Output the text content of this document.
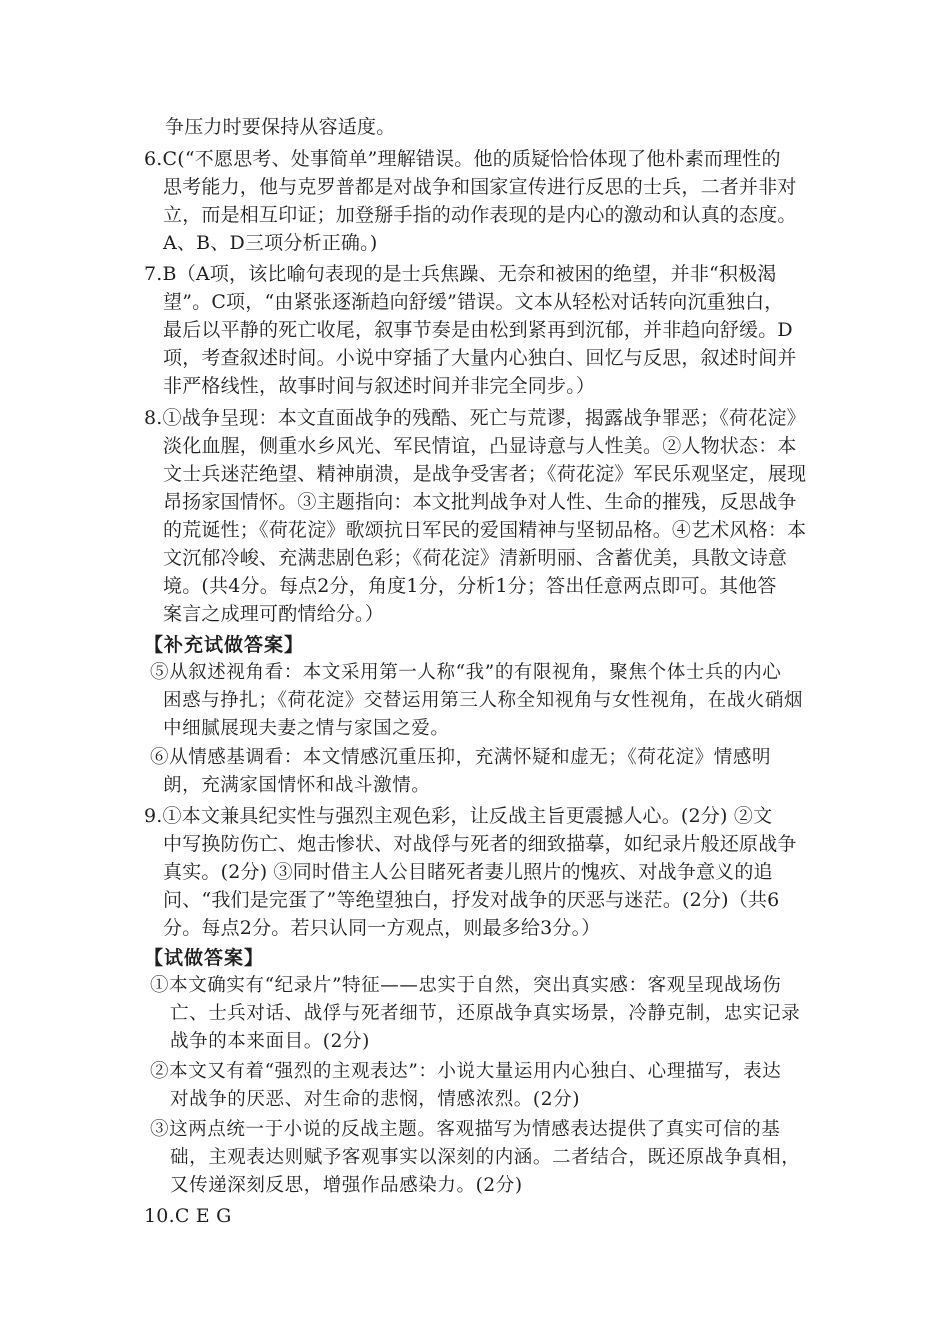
争压力时要保持从容适度。
6.C(“不愿思考、处事简单”理解错误。他的质疑恰恰体现了他朴素而理性的
思考能力，他与克罗普都是对战争和国家宣传进行反思的士兵，二者并非对
立，而是相互印证；加登掰手指的动作表现的是内心的激动和认真的态度。
A、B、D三项分析正确。)
7.B（A项，该比喻句表现的是士兵焦躁、无奈和被困的绝望，并非“积极渴
望”。C项，“由紧张逐渐趋向舒缓”错误。文本从轻松对话转向沉重独白，
最后以平静的死亡收尾，叙事节奏是由松到紧再到沉郁，并非趋向舒缓。D
项，考查叙述时间。小说中穿插了大量内心独白、回忆与反思，叙述时间并
非严格线性，故事时间与叙述时间并非完全同步。）
8.①战争呈现：本文直面战争的残酷、死亡与荒谬，揭露战争罪恶；《荷花淀》
淡化血腥，侧重水乡风光、军民情谊，凸显诗意与人性美。②人物状态：本
文士兵迷茫绝望、精神崩溃，是战争受害者；《荷花淀》军民乐观坚定，展现
昂扬家国情怀。③主题指向：本文批判战争对人性、生命的摧残，反思战争
的荒诞性；《荷花淀》歌颂抗日军民的爱国精神与坚韧品格。④艺术风格：本
文沉郁冷峻、充满悲剧色彩；《荷花淀》清新明丽、含蓄优美，具散文诗意
境。(共4分。每点2分，角度1分，分析1分；答出任意两点即可。其他答
案言之成理可酌情给分。）
【补充试做答案】
⑤从叙述视角看：本文采用第一人称“我”的有限视角，聚焦个体士兵的内心
困惑与挣扎；《荷花淀》交替运用第三人称全知视角与女性视角，在战火硝烟
中细腻展现夫妻之情与家国之爱。
⑥从情感基调看：本文情感沉重压抑，充满怀疑和虚无；《荷花淀》情感明
朗，充满家国情怀和战斗激情。
9.①本文兼具纪实性与强烈主观色彩，让反战主旨更震撼人心。(2分) ②文
中写换防伤亡、炮击惨状、对战俘与死者的细致描摹，如纪录片般还原战争
真实。(2分) ③同时借主人公目睹死者妻儿照片的愧疚、对战争意义的追
问、“我们是完蛋了”等绝望独白，抒发对战争的厌恶与迷茫。(2分)（共6
分。每点2分。若只认同一方观点，则最多给3分。）
【试做答案】
①本文确实有“纪录片”特征——忠实于自然，突出真实感：客观呈现战场伤
亡、士兵对话、战俘与死者细节，还原战争真实场景，冷静克制，忠实记录
战争的本来面目。(2分)
②本文又有着“强烈的主观表达”：小说大量运用内心独白、心理描写，表达
对战争的厌恶、对生命的悲悯，情感浓烈。(2分)
③这两点统一于小说的反战主题。客观描写为情感表达提供了真实可信的基
础，主观表达则赋予客观事实以深刻的内涵。二者结合，既还原战争真相，
又传递深刻反思，增强作品感染力。(2分)
10.C E G
